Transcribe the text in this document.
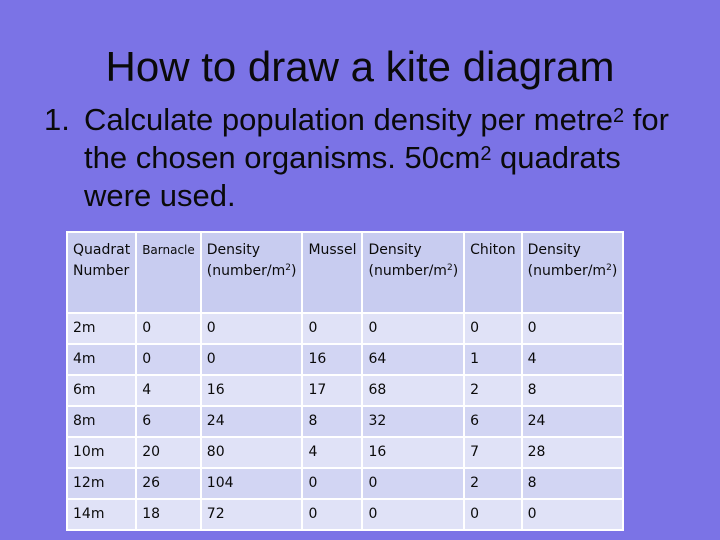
How to draw a kite diagram
1. Calculate population density per metre$^2$ for the chosen organisms. $50cm^2$ quadrats were used.
Quadrat Number	Barnacle	Density $(number/m^2)$	Mussel	Density $(number/m^2)$	Chiton	Density $(number/m^2)$
2m	0	0	0	0	0	0
4m	0	0	16	64	1	4
6m	4	16	17	68	2	8
8m	6	24	8	32	6	24
10m	20	80	4	16	7	28
12m	26	104	0	0	2	8
14m	18	72	0	0	0	0
